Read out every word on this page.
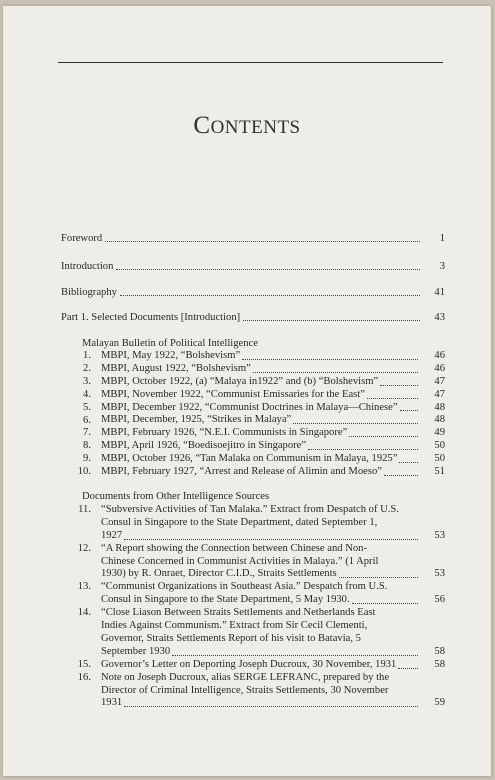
CONTENTS
Foreword	1
Introduction	3
Bibliography	41
Part 1. Selected Documents [Introduction]	43
Malayan Bulletin of Political Intelligence
1. MBPI, May 1922, “Bolshevism”	46
2. MBPI, August 1922, “Bolshevism”	46
3. MBPI, October 1922, (a) “Malaya in1922” and (b) “Bolshevism”	47
4. MBPI, November 1922, “Communist Emissaries for the East”	47
5. MBPI, December 1922, “Communist Doctrines in Malaya—Chinese”	48
6. MBPI, December, 1925, “Strikes in Malaya”	48
7. MBPI, February 1926, “N.E.I. Communists in Singapore”	49
8. MBPI, April 1926, “Boedisoejitro in Singapore”	50
9. MBPI, October 1926, “Tan Malaka on Communism in Malaya, 1925”	50
10. MBPI, February 1927, “Arrest and Release of Alimin and Moeso”	51
Documents from Other Intelligence Sources
11. “Subversive Activities of Tan Malaka.” Extract from Despatch of U.S.
Consul in Singapore to the State Department, dated September 1,
1927	53
12. “A Report showing the Connection between Chinese and Non-
Chinese Concerned in Communist Activities in Malaya.” (1 April
1930) by R. Onraet, Director C.I.D., Straits Settlements	53
13. “Communist Organizations in Southeast Asia.” Despatch from U.S.
Consul in Singapore to the State Department, 5 May 1930.	56
14. “Close Liason Between Straits Settlements and Netherlands East
Indies Against Communism.” Extract from Sir Cecil Clementi,
Governor, Straits Settlements Report of his visit to Batavia, 5
September 1930	58
15. Governor’s Letter on Deporting Joseph Ducroux, 30 November, 1931	58
16. Note on Joseph Ducroux, alias SERGE LEFRANC, prepared by the
Director of Criminal Intelligence, Straits Settlements, 30 November
1931	59
